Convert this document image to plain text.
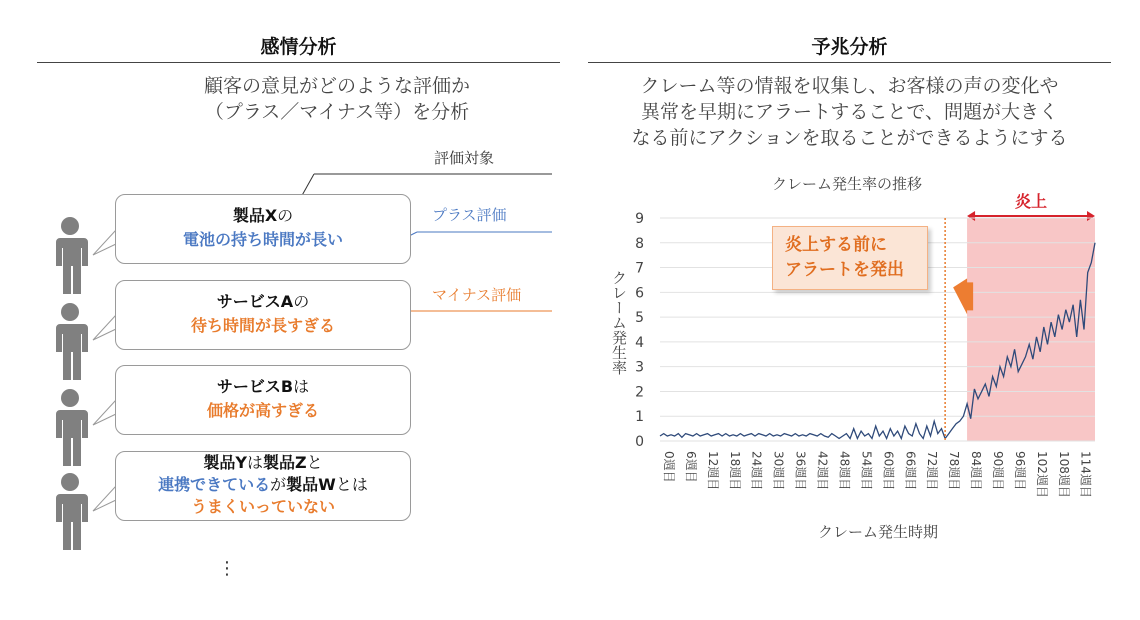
感情分析
顧客の意見がどのような評価か
（プラス／マイナス等）を分析
評価対象
プラス評価
マイナス評価
製品Xの
電池の持ち時間が長い
サービスAの
待ち時間が長すぎる
サービスBは
価格が高すぎる
製品Yは製品Zと
連携できているが製品Wとは
うまくいっていない
⋮
予兆分析
クレーム等の情報を収集し、お客様の声の変化や
異常を早期にアラートすることで、問題が大きく
なる前にアクションを取ることができるようにする
クレーム発生率の推移
炎上
0
1
2
3
4
5
6
7
8
9
0週目 6週目 12週目 18週目 24週目 30週目 36週目 42週目 48週目 54週目 60週目 66週目 72週目 78週目 84週目 90週目 96週目 102週目 108週目 114週目
クレーム発生時期
クレーム発生率
炎上する前に
アラートを発出
